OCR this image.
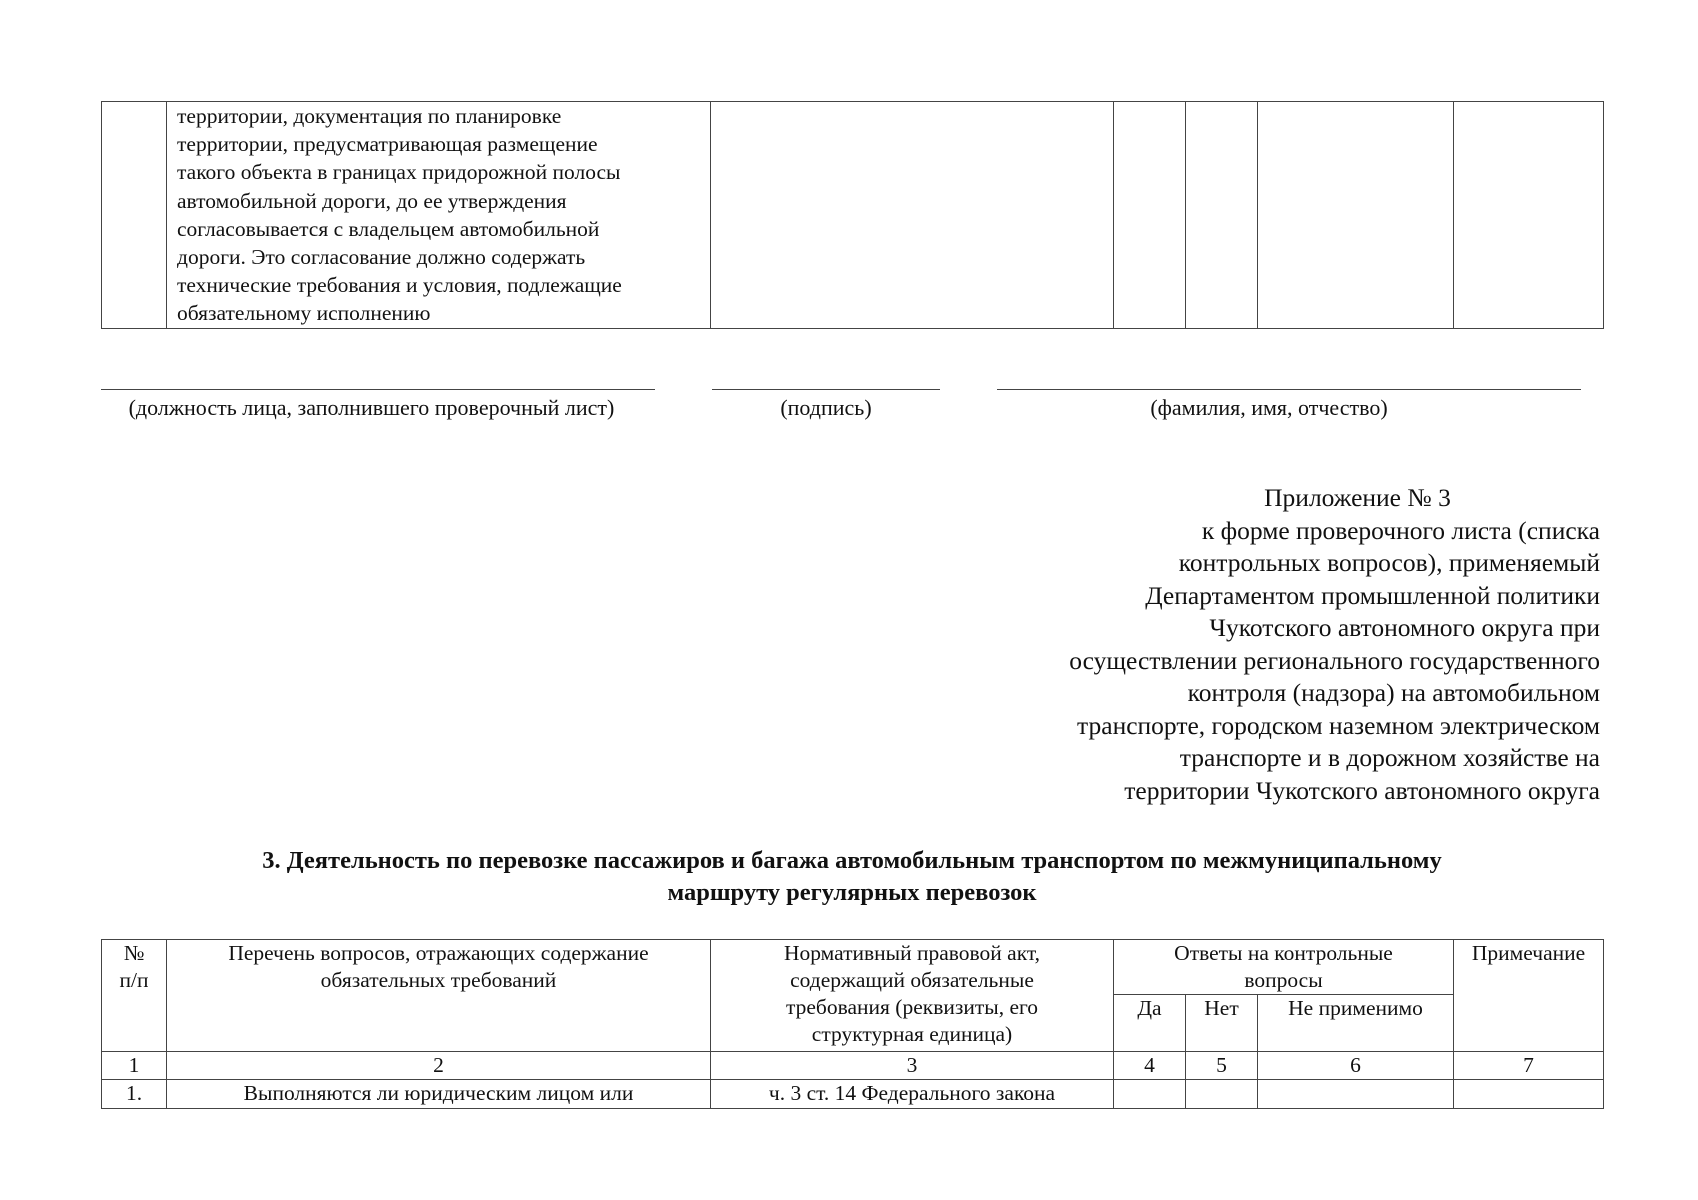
	территории, документация по планировке
территории, предусматривающая размещение
такого объекта в границах придорожной полосы
автомобильной дороги, до ее утверждения
согласовывается с владельцем автомобильной
дороги. Это согласование должно содержать
технические требования и условия, подлежащие
обязательному исполнению					
(должность лица, заполнившего проверочный лист)	(подпись)	(фамилия, имя, отчество)
Приложение № 3
к форме проверочного листа (списка
контрольных вопросов), применяемый
Департаментом промышленной политики
Чукотского автономного округа при
осуществлении регионального государственного
контроля (надзора) на автомобильном
транспорте, городском наземном электрическом
транспорте и в дорожном хозяйстве на
территории Чукотского автономного округа
3. Деятельность по перевозке пассажиров и багажа автомобильным транспортом по межмуниципальному
маршруту регулярных перевозок
№
п/п	Перечень вопросов, отражающих содержание обязательных требований	Нормативный правовой акт, содержащий обязательные требования (реквизиты, его структурная единица)	Ответы на контрольные вопросы			Примечание
			Да	Нет	Не применимо	
1	2	3	4	5	6	7
1.	Выполняются ли юридическим лицом или	ч. 3 ст. 14 Федерального закона				
